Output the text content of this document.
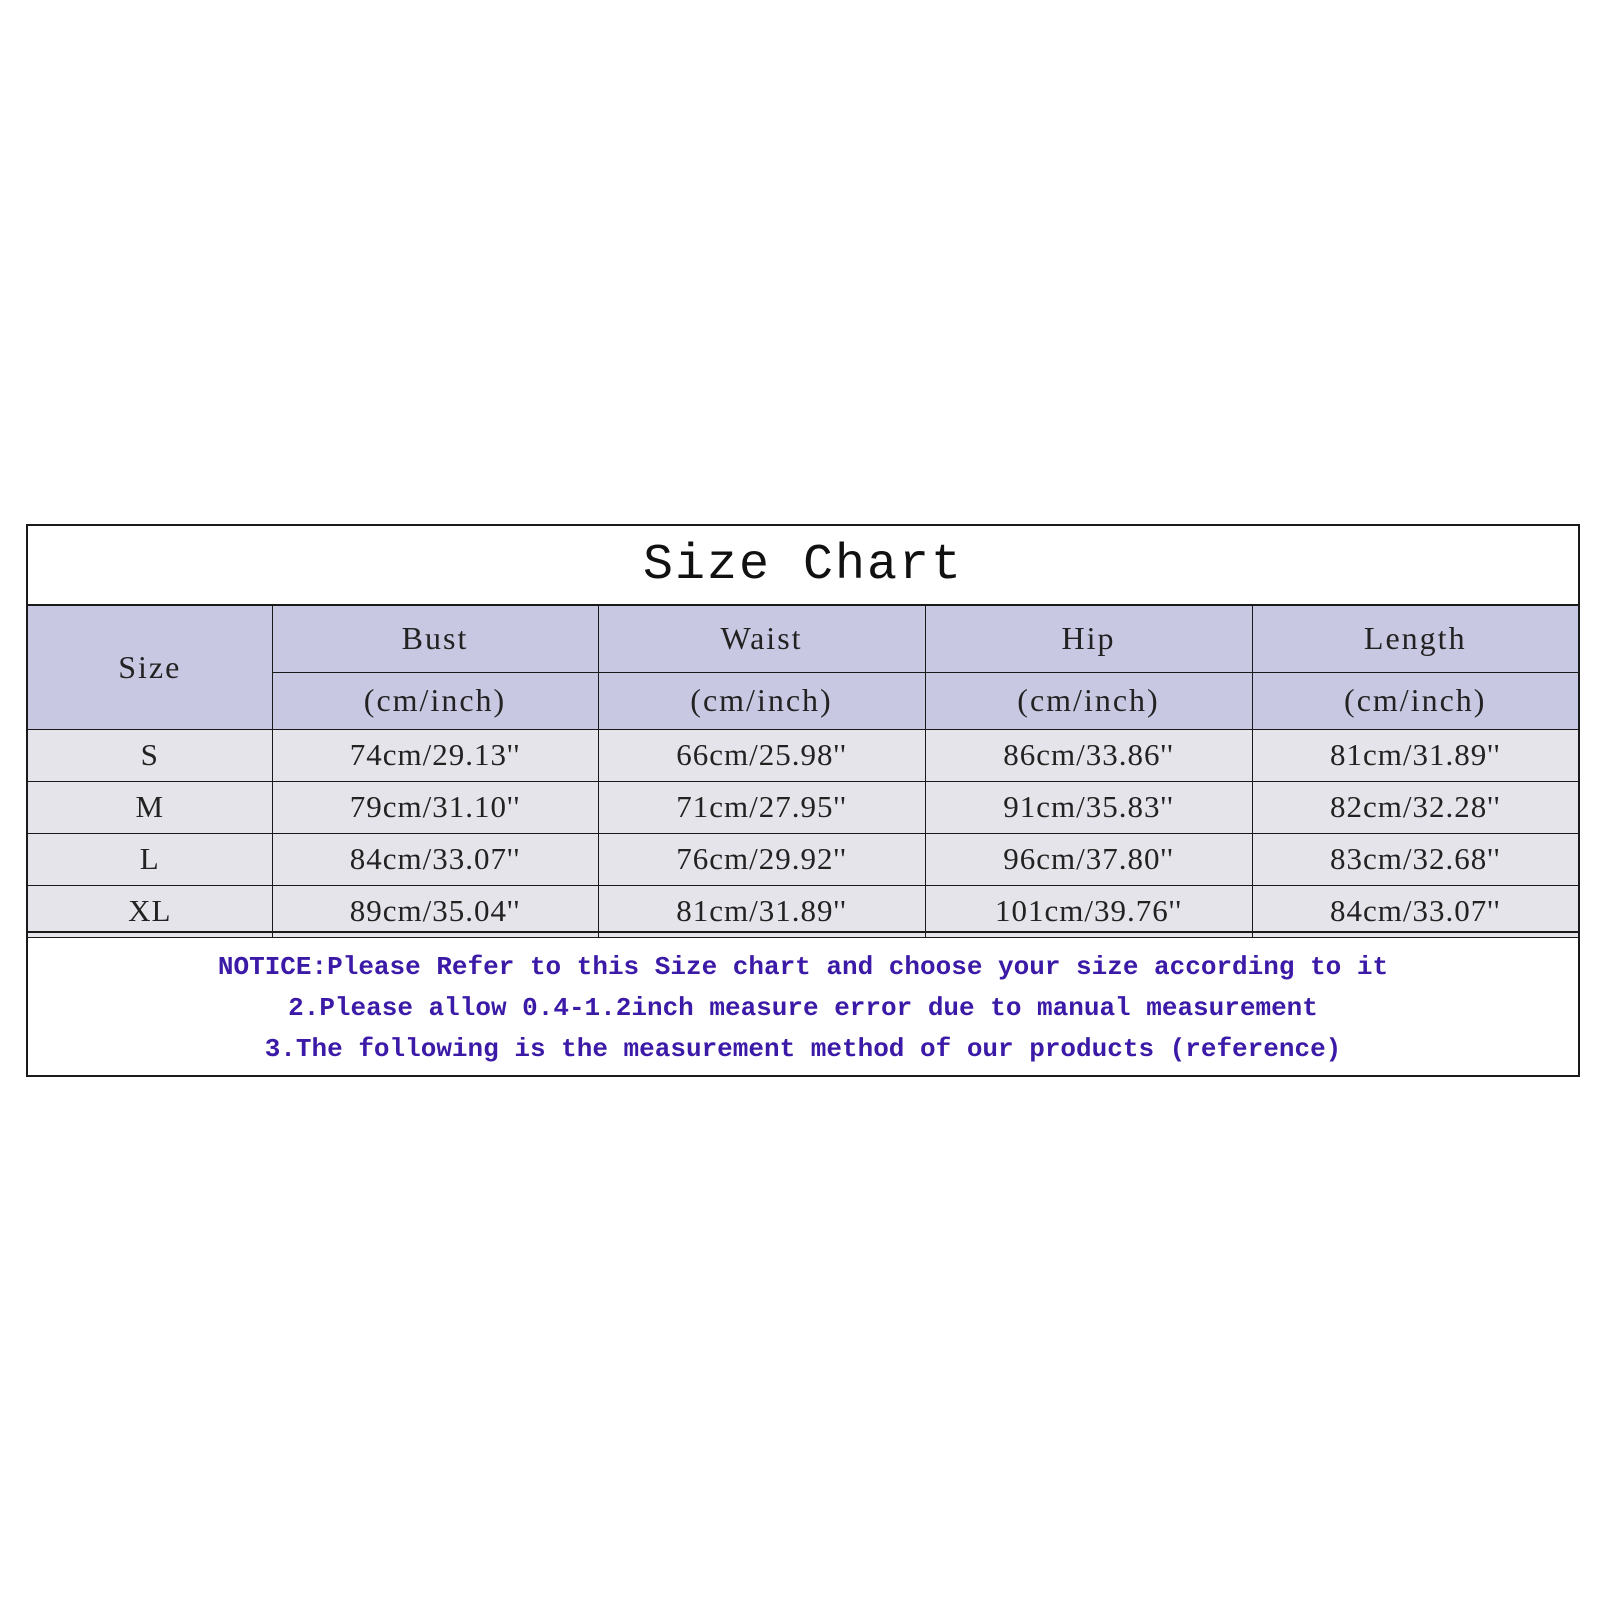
Size Chart
Size	Bust	Waist	Hip	Length
	(cm/inch)	(cm/inch)	(cm/inch)	(cm/inch)
S	74cm/29.13''	66cm/25.98''	86cm/33.86''	81cm/31.89''
M	79cm/31.10''	71cm/27.95''	91cm/35.83''	82cm/32.28''
L	84cm/33.07''	76cm/29.92''	96cm/37.80''	83cm/32.68''
XL	89cm/35.04''	81cm/31.89''	101cm/39.76''	84cm/33.07''
NOTICE:Please Refer to this Size chart and choose your size according to it
2.Please allow 0.4-1.2inch measure error due to manual measurement
3.The following is the measurement method of our products (reference)
